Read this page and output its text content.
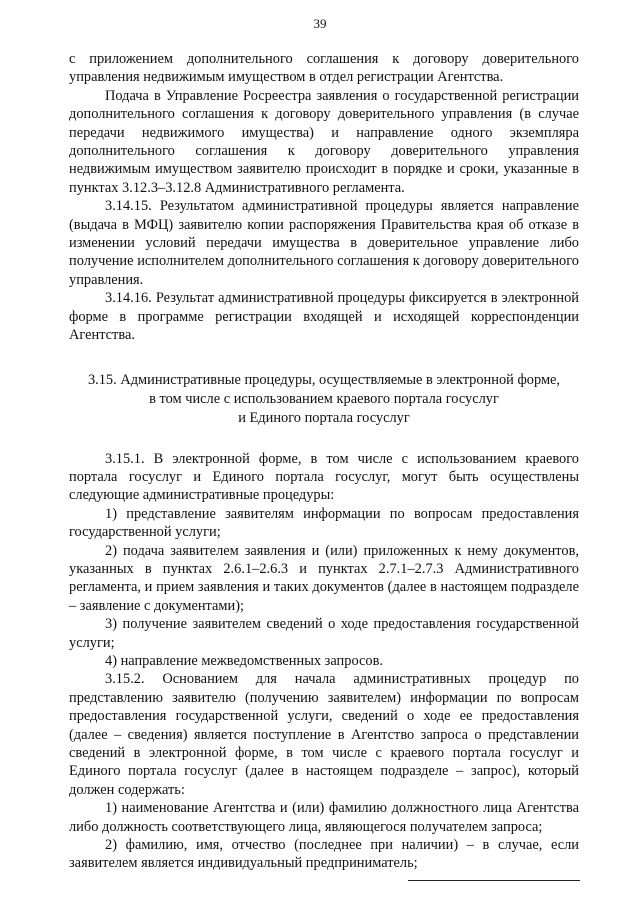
39

с приложением дополнительного соглашения к договору доверительного управления недвижимым имуществом в отдел регистрации Агентства.

Подача в Управление Росреестра заявления о государственной регистрации дополнительного соглашения к договору доверительного управления (в случае передачи недвижимого имущества) и направление одного экземпляра дополнительного соглашения к договору доверительного управления недвижимым имуществом заявителю происходит в порядке и сроки, указанные в пунктах 3.12.3–3.12.8 Административного регламента.

3.14.15. Результатом административной процедуры является направление (выдача в МФЦ) заявителю копии распоряжения Правительства края об отказе в изменении условий передачи имущества в доверительное управление либо получение исполнителем дополнительного соглашения к договору доверительного управления.

3.14.16. Результат административной процедуры фиксируется в электронной форме в программе регистрации входящей и исходящей корреспонденции Агентства.

3.15. Административные процедуры, осуществляемые в электронной форме,
в том числе с использованием краевого портала госуслуг
и Единого портала госуслуг

3.15.1. В электронной форме, в том числе с использованием краевого портала госуслуг и Единого портала госуслуг, могут быть осуществлены следующие административные процедуры:

1) представление заявителям информации по вопросам предоставления государственной услуги;

2) подача заявителем заявления и (или) приложенных к нему документов, указанных в пунктах 2.6.1–2.6.3 и пунктах 2.7.1–2.7.3 Административного регламента, и прием заявления и таких документов (далее в настоящем подразделе – заявление с документами);

3) получение заявителем сведений о ходе предоставления государственной услуги;

4) направление межведомственных запросов.

3.15.2. Основанием для начала административных процедур по представлению заявителю (получению заявителем) информации по вопросам предоставления государственной услуги, сведений о ходе ее предоставления (далее – сведения) является поступление в Агентство запроса о представлении сведений в электронной форме, в том числе с краевого портала госуслуг и Единого портала госуслуг (далее в настоящем подразделе – запрос), который должен содержать:

1) наименование Агентства и (или) фамилию должностного лица Агентства либо должность соответствующего лица, являющегося получателем запроса;

2) фамилию, имя, отчество (последнее при наличии) – в случае, если заявителем является индивидуальный предприниматель;
